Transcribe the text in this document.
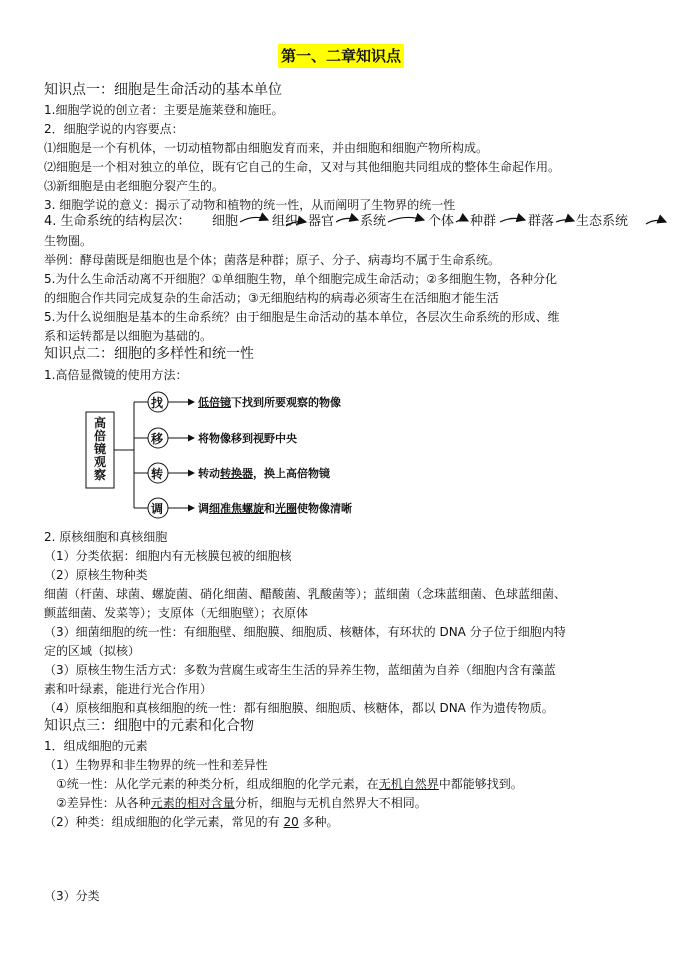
第一、二章知识点
知识点一：细胞是生命活动的基本单位
1.细胞学说的创立者：主要是施莱登和施旺。
2．细胞学说的内容要点：
⑴细胞是一个有机体，一切动植物都由细胞发育而来，并由细胞和细胞产物所构成。
⑵细胞是一个相对独立的单位，既有它自己的生命，又对与其他细胞共同组成的整体生命起作用。
⑶新细胞是由老细胞分裂产生的。
3. 细胞学说的意义：揭示了动物和植物的统一性，从而阐明了生物界的统一性
4. 生命系统的结构层次： 细胞	组织 器官 系统	个体 种群 群落 生态系统
生物圈。
举例：酵母菌既是细胞也是个体；菌落是种群；原子、分子、病毒均不属于生命系统。
5.为什么生命活动离不开细胞？①单细胞生物，单个细胞完成生命活动；②多细胞生物，各种分化
的细胞合作共同完成复杂的生命活动；③无细胞结构的病毒必须寄生在活细胞才能生活
5.为什么说细胞是基本的生命系统？由于细胞是生命活动的基本单位，各层次生命系统的形成、维
系和运转都是以细胞为基础的。
知识点二：细胞的多样性和统一性
1.高倍显微镜的使用方法：
高倍镜观察
找
移
转
调
低倍镜下找到所要观察的物像
将物像移到视野中央
转动转换器，换上高倍物镜
调细准焦螺旋和光圈使物像清晰
2. 原核细胞和真核细胞
（1）分类依据：细胞内有无核膜包被的细胞核
（2）原核生物种类
细菌（杆菌、球菌、螺旋菌、硝化细菌、醋酸菌、乳酸菌等）；蓝细菌（念珠蓝细菌、色球蓝细菌、
颤蓝细菌、发菜等）；支原体（无细胞壁）；衣原体
（3）细菌细胞的统一性：有细胞壁、细胞膜、细胞质、核糖体，有环状的 DNA 分子位于细胞内特
定的区域（拟核）
（3）原核生物生活方式：多数为营腐生或寄生生活的异养生物，蓝细菌为自养（细胞内含有藻蓝
素和叶绿素，能进行光合作用）
（4）原核细胞和真核细胞的统一性：都有细胞膜、细胞质、核糖体，都以 DNA 作为遗传物质。
知识点三：细胞中的元素和化合物
1．组成细胞的元素
（1）生物界和非生物界的统一性和差异性
①统一性：从化学元素的种类分析，组成细胞的化学元素，在无机自然界中都能够找到。
②差异性：从各种元素的相对含量分析，细胞与无机自然界大不相同。
（2）种类：组成细胞的化学元素，常见的有 20 多种。
（3）分类
